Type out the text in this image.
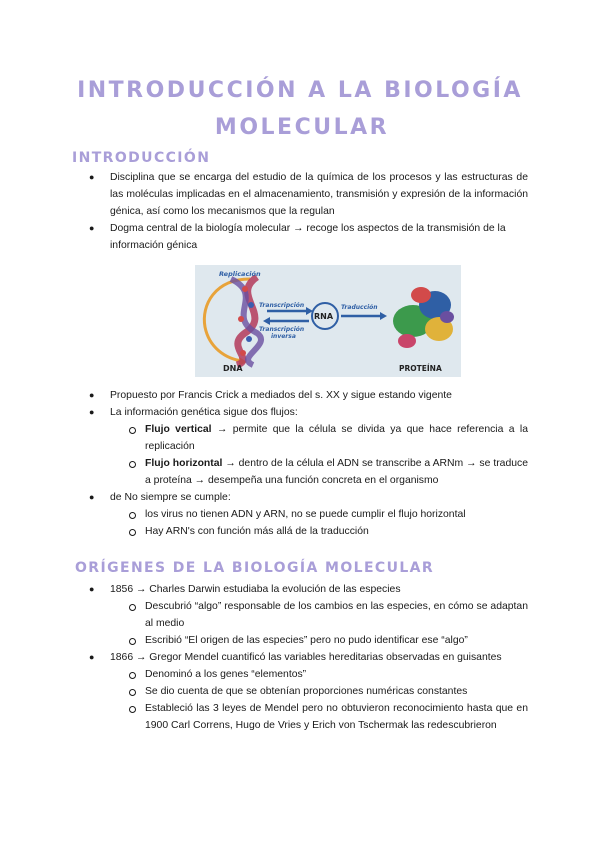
INTRODUCCIÓN A LA BIOLOGÍA
MOLECULAR
INTRODUCCIÓN
● Disciplina que se encarga del estudio de la química de los procesos y las estructuras de las moléculas implicadas en el almacenamiento, transmisión y expresión de la información génica, así como los mecanismos que la regulan
● Dogma central de la biología molecular → recoge los aspectos de la transmisión de la información génica
Replicación
DNA
Transcripción
Transcripción
inversa
RNA
Traducción
PROTEÍNA
● Propuesto por Francis Crick a mediados del s. XX y sigue estando vigente
● La información genética sigue dos flujos:
Flujo vertical → permite que la célula se divida ya que hace referencia a la replicación
Flujo horizontal → dentro de la célula el ADN se transcribe a ARNm → se traduce a proteína → desempeña una función concreta en el organismo
● de No siempre se cumple:
los virus no tienen ADN y ARN, no se puede cumplir el flujo horizontal
Hay ARN's con función más allá de la traducción
ORÍGENES DE LA BIOLOGÍA MOLECULAR
● 1856 → Charles Darwin estudiaba la evolución de las especies
Descubrió “algo” responsable de los cambios en las especies, en cómo se adaptan al medio
Escribió “El origen de las especies” pero no pudo identificar ese “algo”
● 1866 → Gregor Mendel cuantificó las variables hereditarias observadas en guisantes
Denominó a los genes “elementos”
Se dio cuenta de que se obtenían proporciones numéricas constantes
Estableció las 3 leyes de Mendel pero no obtuvieron reconocimiento hasta que en 1900 Carl Correns, Hugo de Vries y Erich von Tschermak las redescubrieron
